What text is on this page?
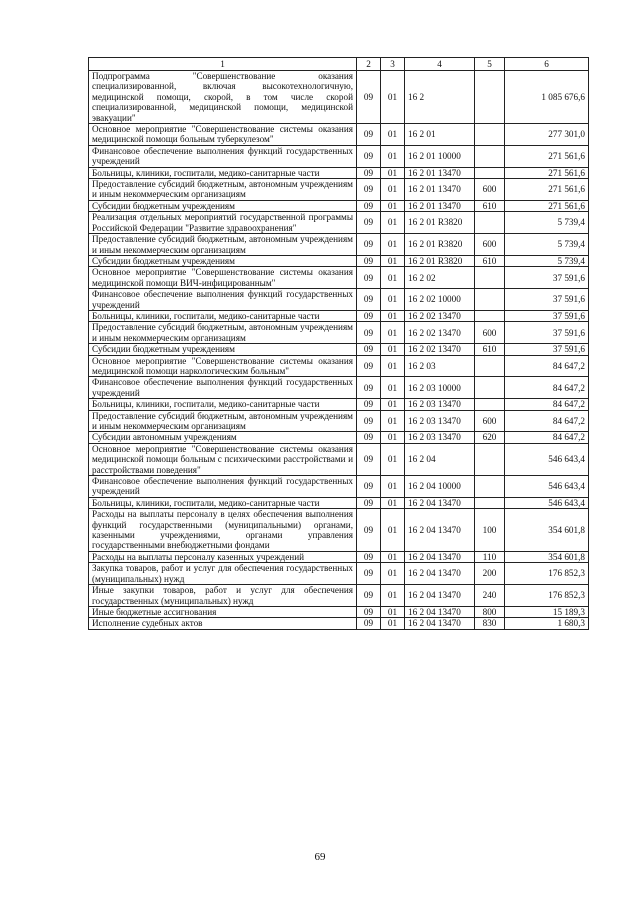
1	2	3	4	5	6
Подпрограмма "Совершенствование оказания специализированной, включая высокотехнологичную, медицинской помощи, скорой, в том числе скорой специализированной, медицинской помощи, медицинской эвакуации"	09	01	16 2		1 085 676,6
Основное мероприятие "Совершенствование системы оказания медицинской помощи больным туберкулезом"	09	01	16 2 01		277 301,0
Финансовое обеспечение выполнения функций государственных учреждений	09	01	16 2 01 10000		271 561,6
Больницы, клиники, госпитали, медико-санитарные части	09	01	16 2 01 13470		271 561,6
Предоставление субсидий бюджетным, автономным учреждениям и иным некоммерческим организациям	09	01	16 2 01 13470	600	271 561,6
Субсидии бюджетным учреждениям	09	01	16 2 01 13470	610	271 561,6
Реализация отдельных мероприятий государственной программы Российской Федерации "Развитие здравоохранения"	09	01	16 2 01 R3820		5 739,4
Предоставление субсидий бюджетным, автономным учреждениям и иным некоммерческим организациям	09	01	16 2 01 R3820	600	5 739,4
Субсидии бюджетным учреждениям	09	01	16 2 01 R3820	610	5 739,4
Основное мероприятие "Совершенствование системы оказания медицинской помощи ВИЧ-инфицированным"	09	01	16 2 02		37 591,6
Финансовое обеспечение выполнения функций государственных учреждений	09	01	16 2 02 10000		37 591,6
Больницы, клиники, госпитали, медико-санитарные части	09	01	16 2 02 13470		37 591,6
Предоставление субсидий бюджетным, автономным учреждениям и иным некоммерческим организациям	09	01	16 2 02 13470	600	37 591,6
Субсидии бюджетным учреждениям	09	01	16 2 02 13470	610	37 591,6
Основное мероприятие "Совершенствование системы оказания медицинской помощи наркологическим больным"	09	01	16 2 03		84 647,2
Финансовое обеспечение выполнения функций государственных учреждений	09	01	16 2 03 10000		84 647,2
Больницы, клиники, госпитали, медико-санитарные части	09	01	16 2 03 13470		84 647,2
Предоставление субсидий бюджетным, автономным учреждениям и иным некоммерческим организациям	09	01	16 2 03 13470	600	84 647,2
Субсидии автономным учреждениям	09	01	16 2 03 13470	620	84 647,2
Основное мероприятие "Совершенствование системы оказания медицинской помощи больным с психическими расстройствами и расстройствами поведения"	09	01	16 2 04		546 643,4
Финансовое обеспечение выполнения функций государственных учреждений	09	01	16 2 04 10000		546 643,4
Больницы, клиники, госпитали, медико-санитарные части	09	01	16 2 04 13470		546 643,4
Расходы на выплаты персоналу в целях обеспечения выполнения функций государственными (муниципальными) органами, казенными учреждениями, органами управления государственными внебюджетными фондами	09	01	16 2 04 13470	100	354 601,8
Расходы на выплаты персоналу казенных учреждений	09	01	16 2 04 13470	110	354 601,8
Закупка товаров, работ и услуг для обеспечения государственных (муниципальных) нужд	09	01	16 2 04 13470	200	176 852,3
Иные закупки товаров, работ и услуг для обеспечения государственных (муниципальных) нужд	09	01	16 2 04 13470	240	176 852,3
Иные бюджетные ассигнования	09	01	16 2 04 13470	800	15 189,3
Исполнение судебных актов	09	01	16 2 04 13470	830	1 680,3
69
